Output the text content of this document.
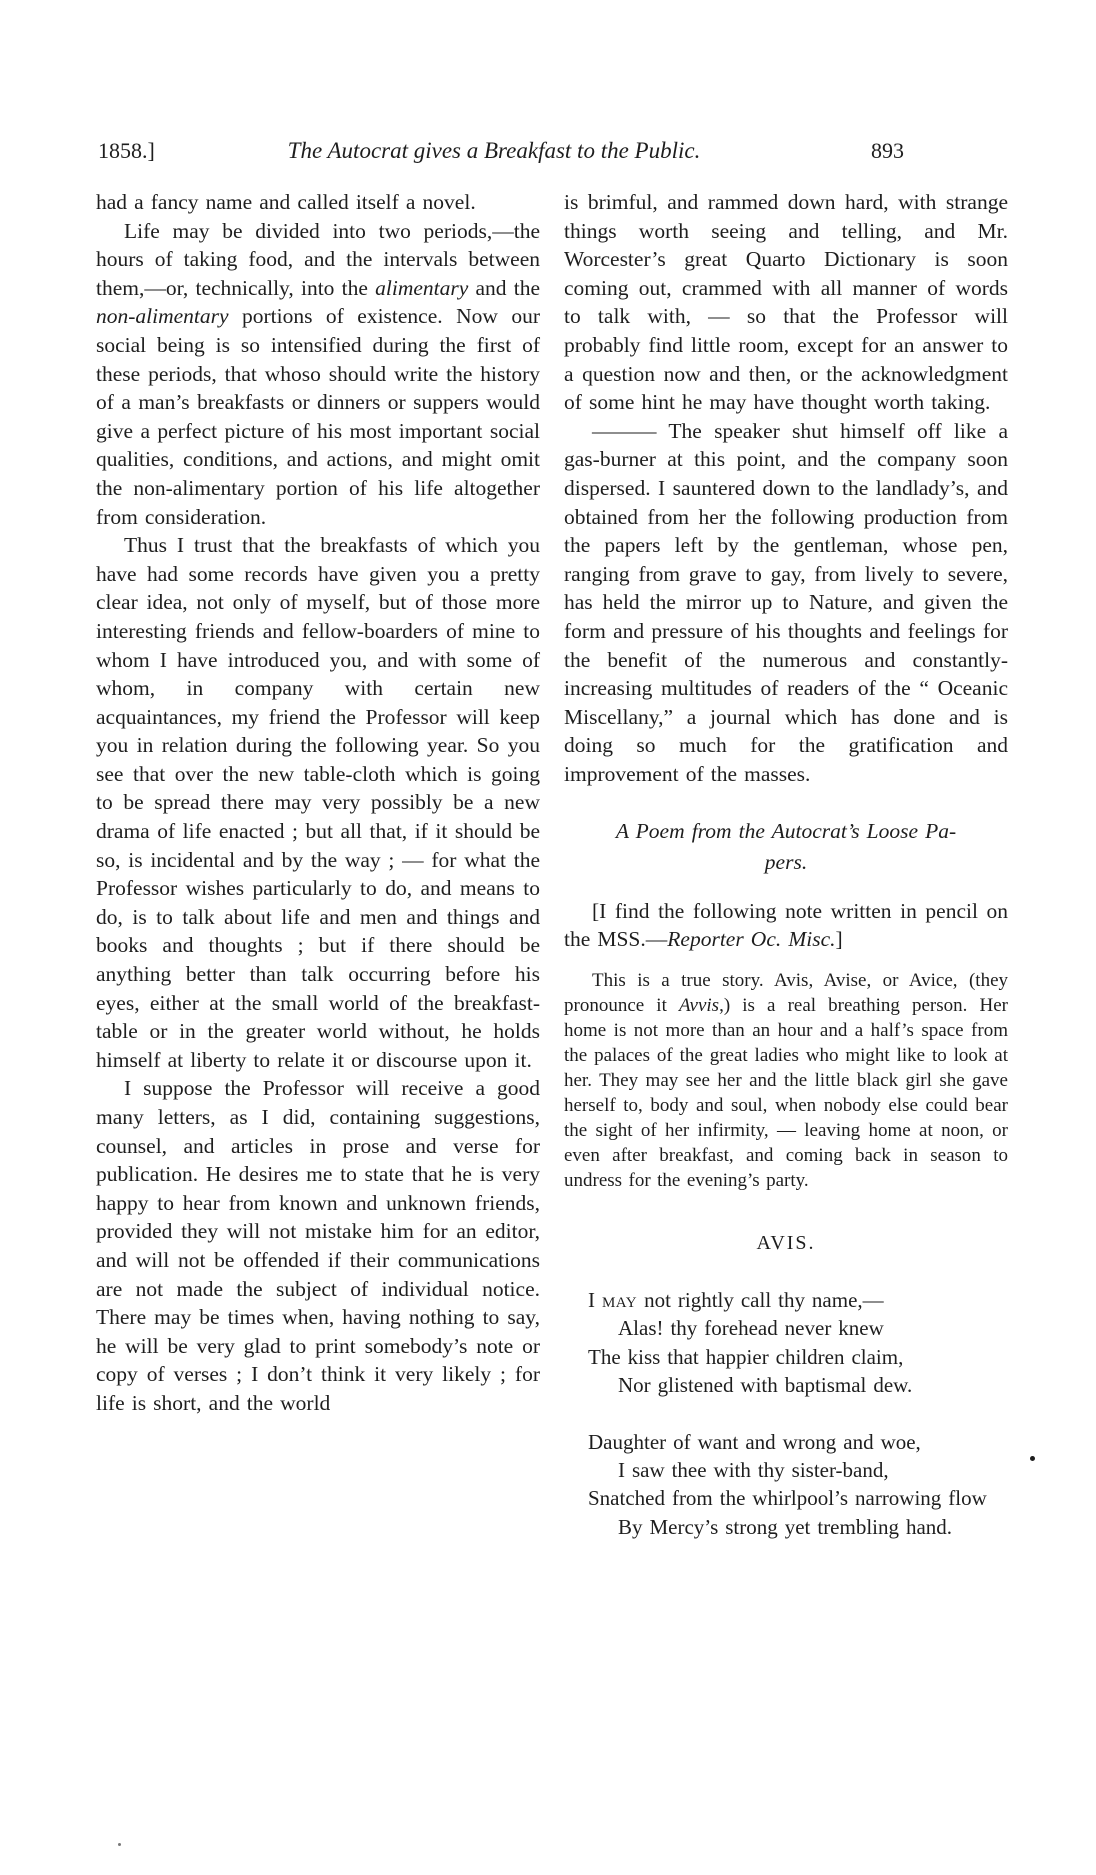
1858.]	The Autocrat gives a Breakfast to the Public.	893

had a fancy name and called itself a novel.

Life may be divided into two periods,—the hours of taking food, and the intervals between them,—or, technically, into the alimentary and the non-alimentary portions of existence. Now our social being is so intensified during the first of these periods, that whoso should write the history of a man’s breakfasts or dinners or suppers would give a perfect picture of his most important social qualities, conditions, and actions, and might omit the non-alimentary portion of his life altogether from consideration.

Thus I trust that the breakfasts of which you have had some records have given you a pretty clear idea, not only of myself, but of those more interesting friends and fellow-boarders of mine to whom I have introduced you, and with some of whom, in company with certain new acquaintances, my friend the Professor will keep you in relation during the following year. So you see that over the new table-cloth which is going to be spread there may very possibly be a new drama of life enacted ; but all that, if it should be so, is incidental and by the way ; — for what the Professor wishes particularly to do, and means to do, is to talk about life and men and things and books and thoughts ; but if there should be anything better than talk occurring before his eyes, either at the small world of the breakfast-table or in the greater world without, he holds himself at liberty to relate it or discourse upon it.

I suppose the Professor will receive a good many letters, as I did, containing suggestions, counsel, and articles in prose and verse for publication. He desires me to state that he is very happy to hear from known and unknown friends, provided they will not mistake him for an editor, and will not be offended if their communications are not made the subject of individual notice. There may be times when, having nothing to say, he will be very glad to print somebody’s note or copy of verses ; I don’t think it very likely ; for life is short, and the world

is brimful, and rammed down hard, with strange things worth seeing and telling, and Mr. Worcester’s great Quarto Dictionary is soon coming out, crammed with all manner of words to talk with, — so that the Professor will probably find little room, except for an answer to a question now and then, or the acknowledgment of some hint he may have thought worth taking.

——— The speaker shut himself off like a gas-burner at this point, and the company soon dispersed. I sauntered down to the landlady’s, and obtained from her the following production from the papers left by the gentleman, whose pen, ranging from grave to gay, from lively to severe, has held the mirror up to Nature, and given the form and pressure of his thoughts and feelings for the benefit of the numerous and constantly-increasing multitudes of readers of the “ Oceanic Miscellany,” a journal which has done and is doing so much for the gratification and improvement of the masses.

A Poem from the Autocrat’s Loose Pa-
pers.

[I find the following note written in pencil on the MSS.—Reporter Oc. Misc.]

This is a true story. Avis, Avise, or Avice, (they pronounce it Avvis,) is a real breathing person. Her home is not more than an hour and a half’s space from the palaces of the great ladies who might like to look at her. They may see her and the little black girl she gave herself to, body and soul, when nobody else could bear the sight of her infirmity, — leaving home at noon, or even after breakfast, and coming back in season to undress for the evening’s party.

AVIS.
I may not rightly call thy name,—
Alas! thy forehead never knew
The kiss that happier children claim,
Nor glistened with baptismal dew.
Daughter of want and wrong and woe,
I saw thee with thy sister-band,
Snatched from the whirlpool’s narrowing flow
By Mercy’s strong yet trembling hand.
